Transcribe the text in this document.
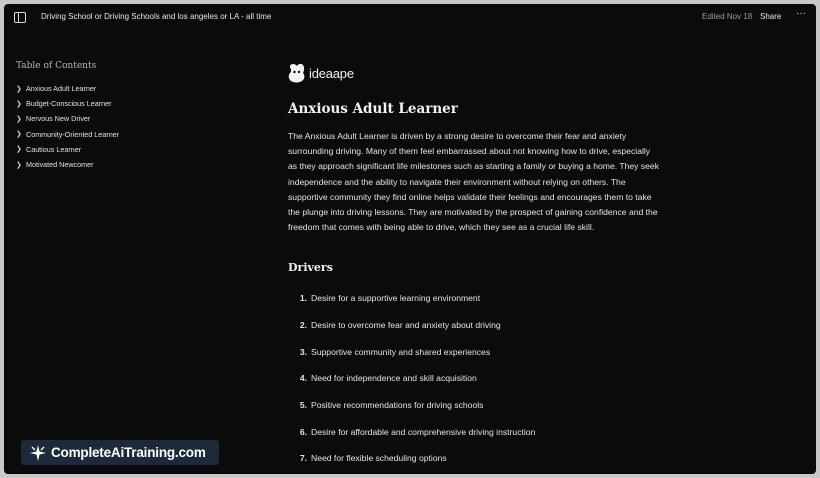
Driving School or Driving Schools and los angeles or LA - all time	Edited Nov 18 Share ···
Table of Contents
❯ Anxious Adult Learner
❯ Budget-Conscious Learner
❯ Nervous New Driver
❯ Community-Oriented Learner
❯ Cautious Learner
❯ Motivated Newcomer
ideaape
Anxious Adult Learner
The Anxious Adult Learner is driven by a strong desire to overcome their fear and anxiety surrounding driving. Many of them feel embarrassed about not knowing how to drive, especially as they approach significant life milestones such as starting a family or buying a home. They seek independence and the ability to navigate their environment without relying on others. The supportive community they find online helps validate their feelings and encourages them to take the plunge into driving lessons. They are motivated by the prospect of gaining confidence and the freedom that comes with being able to drive, which they see as a crucial life skill.
Drivers
1. Desire for a supportive learning environment
2. Desire to overcome fear and anxiety about driving
3. Supportive community and shared experiences
4. Need for independence and skill acquisition
5. Positive recommendations for driving schools
6. Desire for affordable and comprehensive driving instruction
7. Need for flexible scheduling options
CompleteAiTraining.com
